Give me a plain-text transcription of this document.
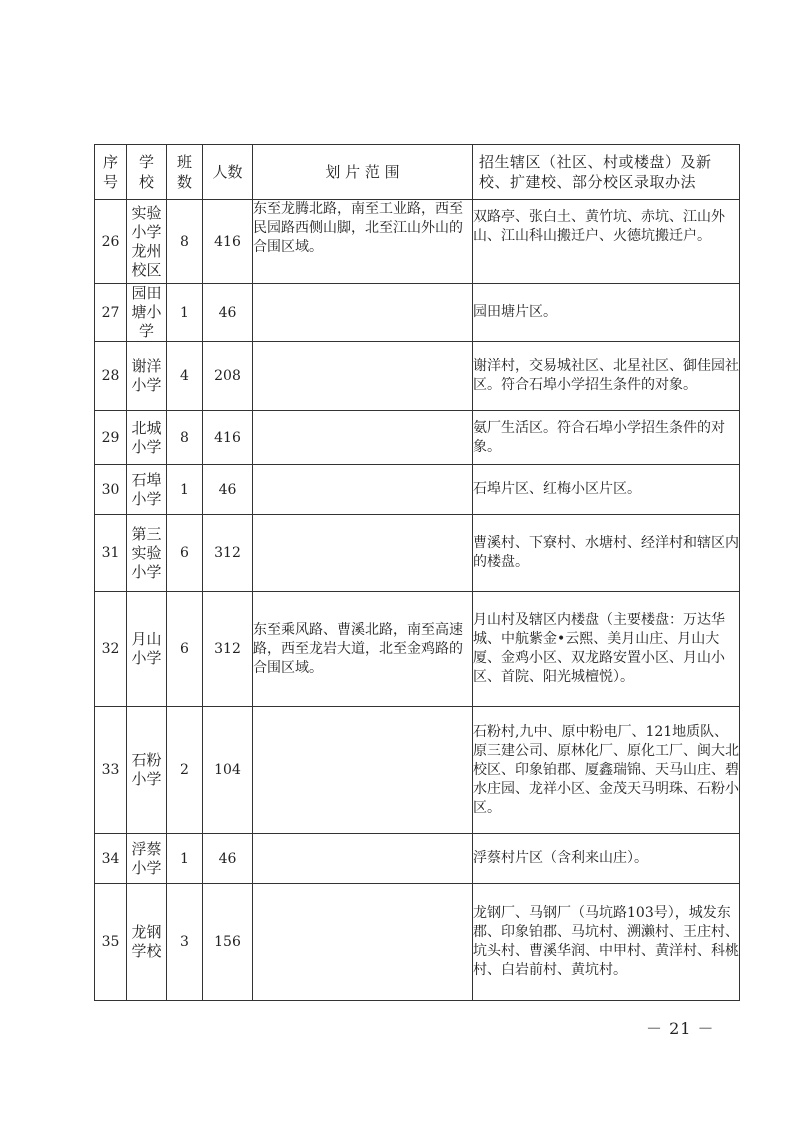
序号	学校	班数	人数	划 片 范 围	招生辖区（社区、村或楼盘）及新校、扩建校、部分校区录取办法
26	实验小学龙州校区	8	416	东至龙腾北路，南至工业路，西至民园路西侧山脚，北至江山外山的合围区域。	双路亭、张白土、黄竹坑、赤坑、江山外山、江山科山搬迁户、火德坑搬迁户。
27	园田塘小学	1	46		园田塘片区。
28	谢洋小学	4	208		谢洋村，交易城社区、北星社区、御佳园社区。符合石埠小学招生条件的对象。
29	北城小学	8	416		氨厂生活区。符合石埠小学招生条件的对象。
30	石埠小学	1	46		石埠片区、红梅小区片区。
31	第三实验小学	6	312		曹溪村、下寮村、水塘村、经洋村和辖区内的楼盘。
32	月山小学	6	312	东至乘风路、曹溪北路，南至高速路，西至龙岩大道，北至金鸡路的合围区域。	月山村及辖区内楼盘（主要楼盘：万达华城、中航紫金•云熙、美月山庄、月山大厦、金鸡小区、双龙路安置小区、月山小区、首院、阳光城檀悦）。
33	石粉小学	2	104		石粉村,九中、原中粉电厂、121地质队、原三建公司、原林化厂、原化工厂、闽大北校区、印象铂郡、厦鑫瑞锦、天马山庄、碧水庄园、龙祥小区、金茂天马明珠、石粉小区。
34	浮蔡小学	1	46		浮蔡村片区（含利来山庄）。
35	龙钢学校	3	156		龙钢厂、马钢厂（马坑路103号），城发东郡、印象铂郡、马坑村、溯濑村、王庄村、坑头村、曹溪华润、中甲村、黄洋村、科桃村、白岩前村、黄坑村。
－ 21 －
